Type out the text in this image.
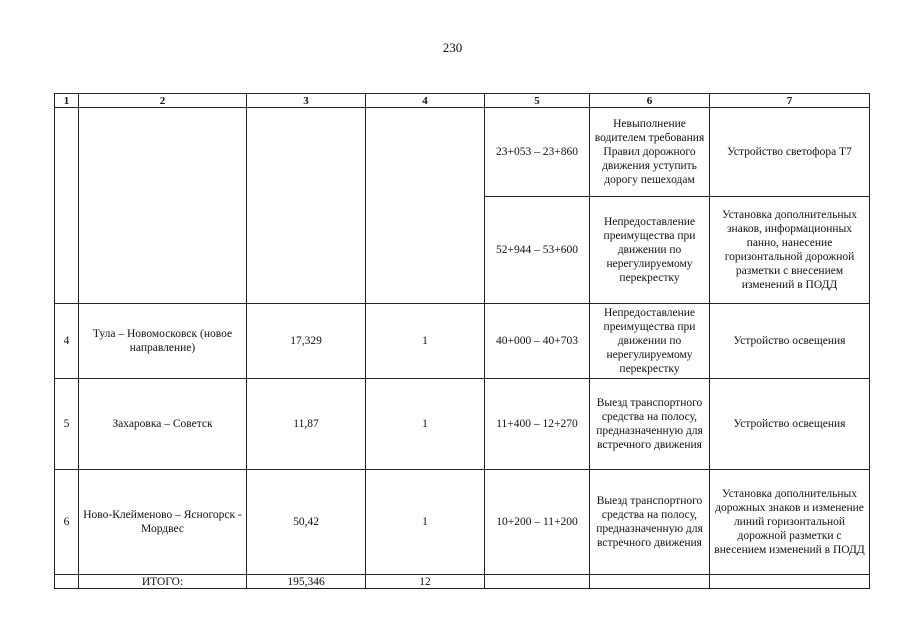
230
1	2	3	4	5	6	7
				23+053 – 23+860	Невыполнение водителем требования Правил дорожного движения уступить дорогу пешеходам	Устройство светофора Т7
				52+944 – 53+600	Непредоставление преимущества при движении по нерегулируемому перекрестку	Установка дополнительных знаков, информационных панно, нанесение горизонтальной дорожной разметки с внесением изменений в ПОДД
4	Тула – Новомосковск (новое направление)	17,329	1	40+000 – 40+703	Непредоставление преимущества при движении по нерегулируемому перекрестку	Устройство освещения
5	Захаровка – Советск	11,87	1	11+400 – 12+270	Выезд транспортного средства на полосу, предназначенную для встречного движения	Устройство освещения
6	Ново-Клейменово – Ясногорск - Мордвес	50,42	1	10+200 – 11+200	Выезд транспортного средства на полосу, предназначенную для встречного движения	Установка дополнительных дорожных знаков и изменение линий горизонтальной дорожной разметки с внесением изменений в ПОДД
	ИТОГО:	195,346	12			
